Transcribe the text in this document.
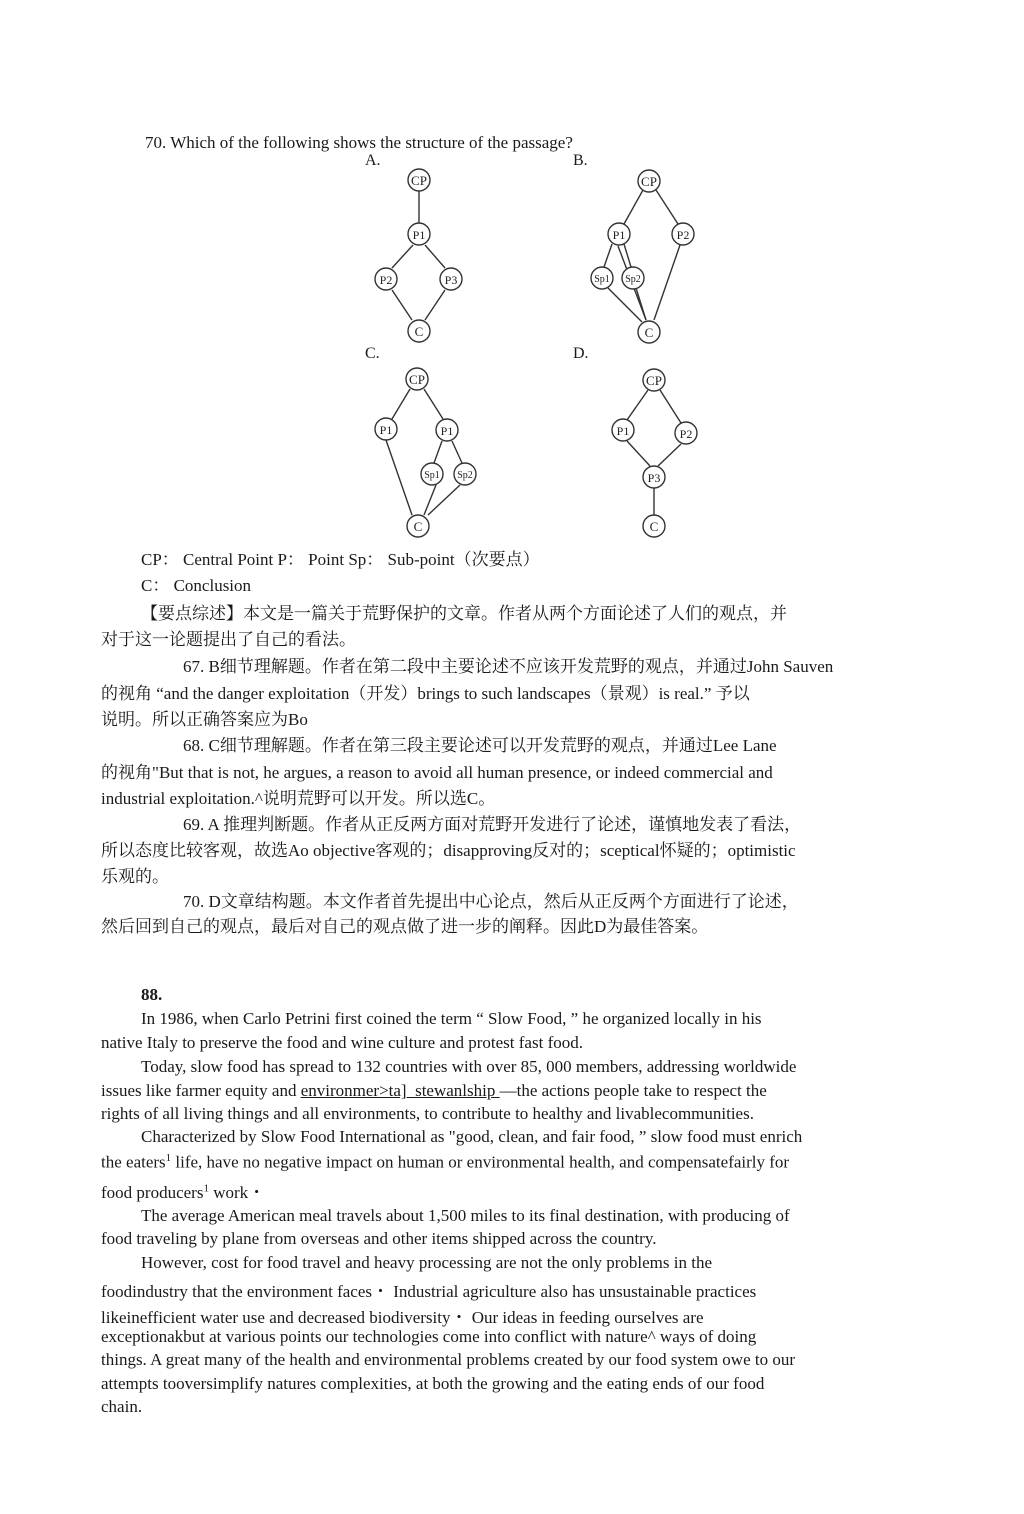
70. Which of the following shows the structure of the passage?
A.	B.
C.	D.
CP
P1
P2	P3
C
CP
P1	P2
Sp1 Sp2
C
CP
P1	P1
Sp1 Sp2
C
CP
P1	P2
P3
C
CP： Central Point P： Point Sp： Sub-point（次要点）
C： Conclusion
【要点综述】本文是一篇关于荒野保护的文章。作者从两个方面论述了人们的观点，并
对于这一论题提出了自己的看法。
67. B细节理解题。作者在第二段中主要论述不应该开发荒野的观点，并通过John Sauven
的视角 “and the danger exploitation（开发）brings to such landscapes（景观）is real.” 予以
说明。所以正确答案应为Bo
68. C细节理解题。作者在第三段主要论述可以开发荒野的观点，并通过Lee Lane
的视角"But that is not, he argues, a reason to avoid all human presence, or indeed commercial and
industrial exploitation.^说明荒野可以开发。所以选C。
69. A 推理判断题。作者从正反两方面对荒野开发进行了论述，谨慎地发表了看法，
所以态度比较客观，故选Ao objective客观的；disapproving反对的；sceptical怀疑的；optimistic
乐观的。
70. D文章结构题。本文作者首先提出中心论点，然后从正反两个方面进行了论述，
然后回到自己的观点，最后对自己的观点做了进一步的阐释。因此D为最佳答案。
88.
In 1986, when Carlo Petrini first coined the term “ Slow Food, ” he organized locally in his
native Italy to preserve the food and wine culture and protest fast food.
Today, slow food has spread to 132 countries with over 85, 000 members, addressing worldwide
issues like farmer equity and environmer>ta]_stewanlship —the actions people take to respect the
rights of all living things and all environments, to contribute to healthy and livablecommunities.
Characterized by Slow Food International as "good, clean, and fair food, ” slow food must enrich
the eaters$^1$ life, have no negative impact on human or environmental health, and compensatefairly for
food producers$^1$ work・
The average American meal travels about 1,500 miles to its final destination, with producing of
food traveling by plane from overseas and other items shipped across the country.
However, cost for food travel and heavy processing are not the only problems in the
foodindustry that the environment faces・ Industrial agriculture also has unsustainable practices
likeinefficient water use and decreased biodiversity・ Our ideas in feeding ourselves are
exceptionakbut at various points our technologies come into conflict with nature^ ways of doing
things. A great many of the health and environmental problems created by our food system owe to our
attempts tooversimplify natures complexities, at both the growing and the eating ends of our food
chain.
